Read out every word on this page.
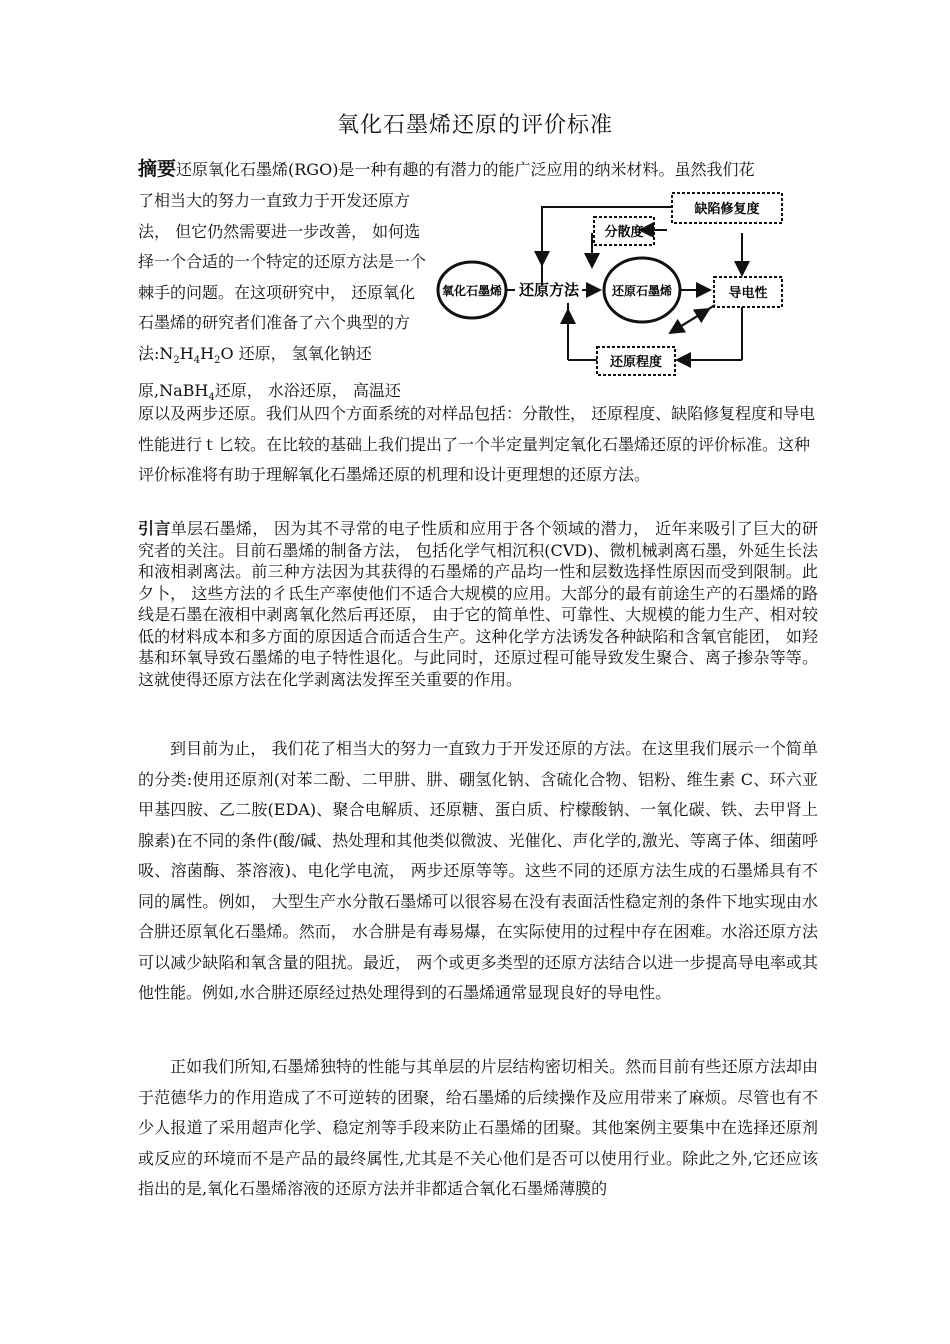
氧化石墨烯还原的评价标准
摘要还原氧化石墨烯(RGO)是一种有趣的有潜力的能广泛应用的纳米材料。虽然我们花
了相当大的努力一直致力于开发还原方法， 但它仍然需要进一步改善， 如何选择一个合适的一个特定的还原方法是一个棘手的问题。在这项研究中， 还原氧化石墨烯的研究者们准备了六个典型的方法$:N_2H_4H_2O$ 还原， 氢氧化钠还原,NaBH$_4$还原， 水浴还原， 高温还
氧化石墨烯 还原方法	还原石墨烯
分散度
缺陷修复度
导电性
还原程度
原以及两步还原。我们从四个方面系统的对样品包括：分散性， 还原程度、缺陷修复程度和导电性能进行ｔ匕较。在比较的基础上我们提出了一个半定量判定氧化石墨烯还原的评价标准。这种评价标准将有助于理解氧化石墨烯还原的机理和设计更理想的还原方法。
引言单层石墨烯， 因为其不寻常的电子性质和应用于各个领域的潜力， 近年来吸引了巨大的研究者的关注。目前石墨烯的制备方法， 包括化学气相沉积(CVD)、微机械剥离石墨，外延生长法和液相剥离法。前三种方法因为其获得的石墨烯的产品均一性和层数选择性原因而受到限制。此夕卜， 这些方法的彳氐生产率使他们不适合大规模的应用。大部分的最有前途生产的石墨烯的路线是石墨在液相中剥离氧化然后再还原， 由于它的简单性、可靠性、大规模的能力生产、相对较低的材料成本和多方面的原因适合而适合生产。这种化学方法诱发各种缺陷和含氧官能团， 如羟基和环氧导致石墨烯的电子特性退化。与此同时，还原过程可能导致发生聚合、离子掺杂等等。这就使得还原方法在化学剥离法发挥至关重要的作用。
到目前为止， 我们花了相当大的努力一直致力于开发还原的方法。在这里我们展示一个简单的分类:使用还原剂(对苯二酚、二甲肼、肼、硼氢化钠、含硫化合物、铝粉、维生素 C、环六亚甲基四胺、乙二胺(EDA)、聚合电解质、还原糖、蛋白质、柠檬酸钠、一氧化碳、铁、去甲肾上腺素)在不同的条件(酸/碱、热处理和其他类似微波、光催化、声化学的,激光、等离子体、细菌呼吸、溶菌酶、茶溶液)、电化学电流， 两步还原等等。这些不同的还原方法生成的石墨烯具有不同的属性。例如， 大型生产水分散石墨烯可以很容易在没有表面活性稳定剂的条件下地实现由水合肼还原氧化石墨烯。然而， 水合肼是有毒易爆，在实际使用的过程中存在困难。水浴还原方法可以减少缺陷和氧含量的阻扰。最近， 两个或更多类型的还原方法结合以进一步提高导电率或其他性能。例如,水合肼还原经过热处理得到的石墨烯通常显现良好的导电性。
正如我们所知,石墨烯独特的性能与其单层的片层结构密切相关。然而目前有些还原方法却由于范德华力的作用造成了不可逆转的团聚，给石墨烯的后续操作及应用带来了麻烦。尽管也有不少人报道了采用超声化学、稳定剂等手段来防止石墨烯的团聚。其他案例主要集中在选择还原剂或反应的环境而不是产品的最终属性,尤其是不关心他们是否可以使用行业。除此之外,它还应该指出的是,氧化石墨烯溶液的还原方法并非都适合氧化石墨烯薄膜的
